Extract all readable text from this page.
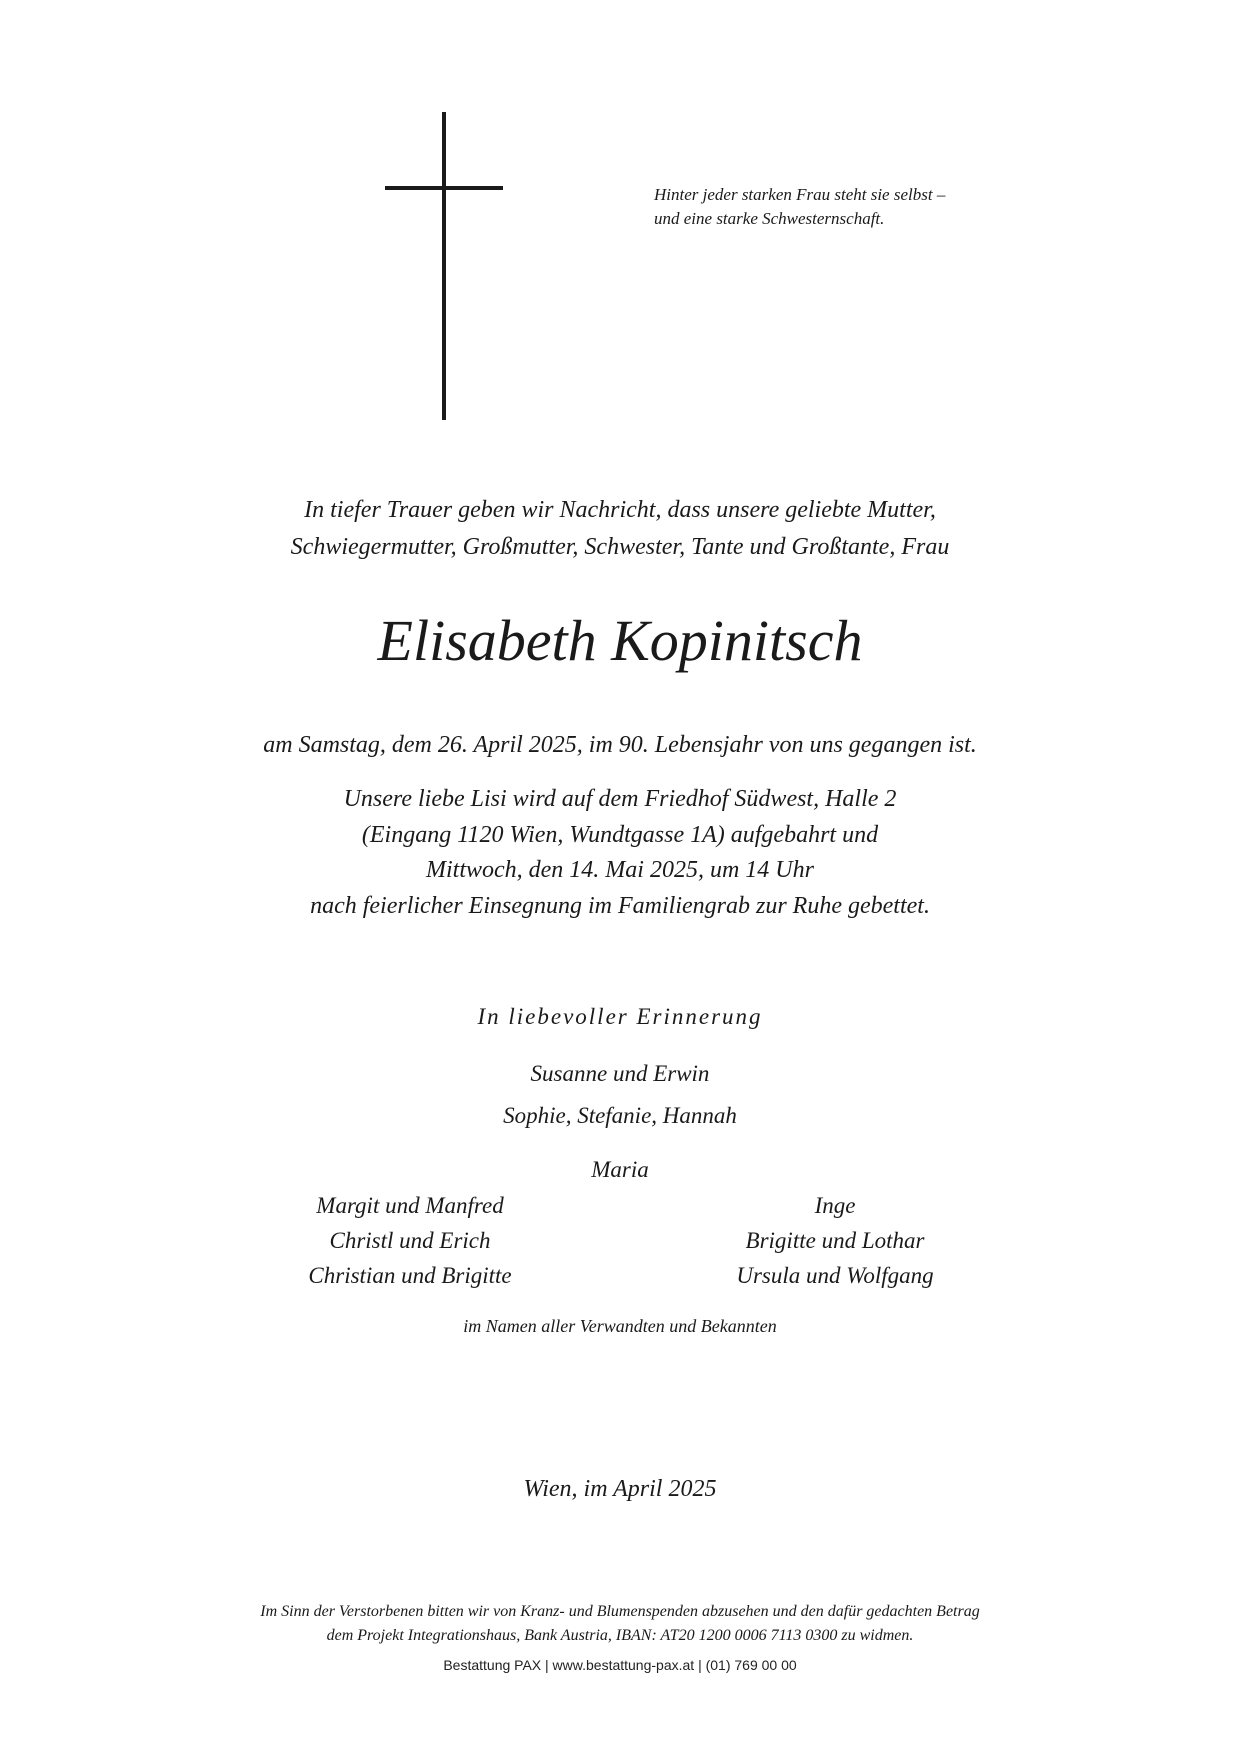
Hinter jeder starken Frau steht sie selbst –
und eine starke Schwesternschaft.
In tiefer Trauer geben wir Nachricht, dass unsere geliebte Mutter,
Schwiegermutter, Großmutter, Schwester, Tante und Großtante, Frau
Elisabeth Kopinitsch
am Samstag, dem 26. April 2025, im 90. Lebensjahr von uns gegangen ist.
Unsere liebe Lisi wird auf dem Friedhof Südwest, Halle 2
(Eingang 1120 Wien, Wundtgasse 1A) aufgebahrt und
Mittwoch, den 14. Mai 2025, um 14 Uhr
nach feierlicher Einsegnung im Familiengrab zur Ruhe gebettet.
In liebevoller Erinnerung
Susanne und Erwin
Sophie, Stefanie, Hannah
Maria
Margit und Manfred
Christl und Erich
Christian und Brigitte
Inge
Brigitte und Lothar
Ursula und Wolfgang
im Namen aller Verwandten und Bekannten
Wien, im April 2025
Im Sinn der Verstorbenen bitten wir von Kranz- und Blumenspenden abzusehen und den dafür gedachten Betrag
dem Projekt Integrationshaus, Bank Austria, IBAN: AT20 1200 0006 7113 0300 zu widmen.
Bestattung PAX | www.bestattung-pax.at | (01) 769 00 00
